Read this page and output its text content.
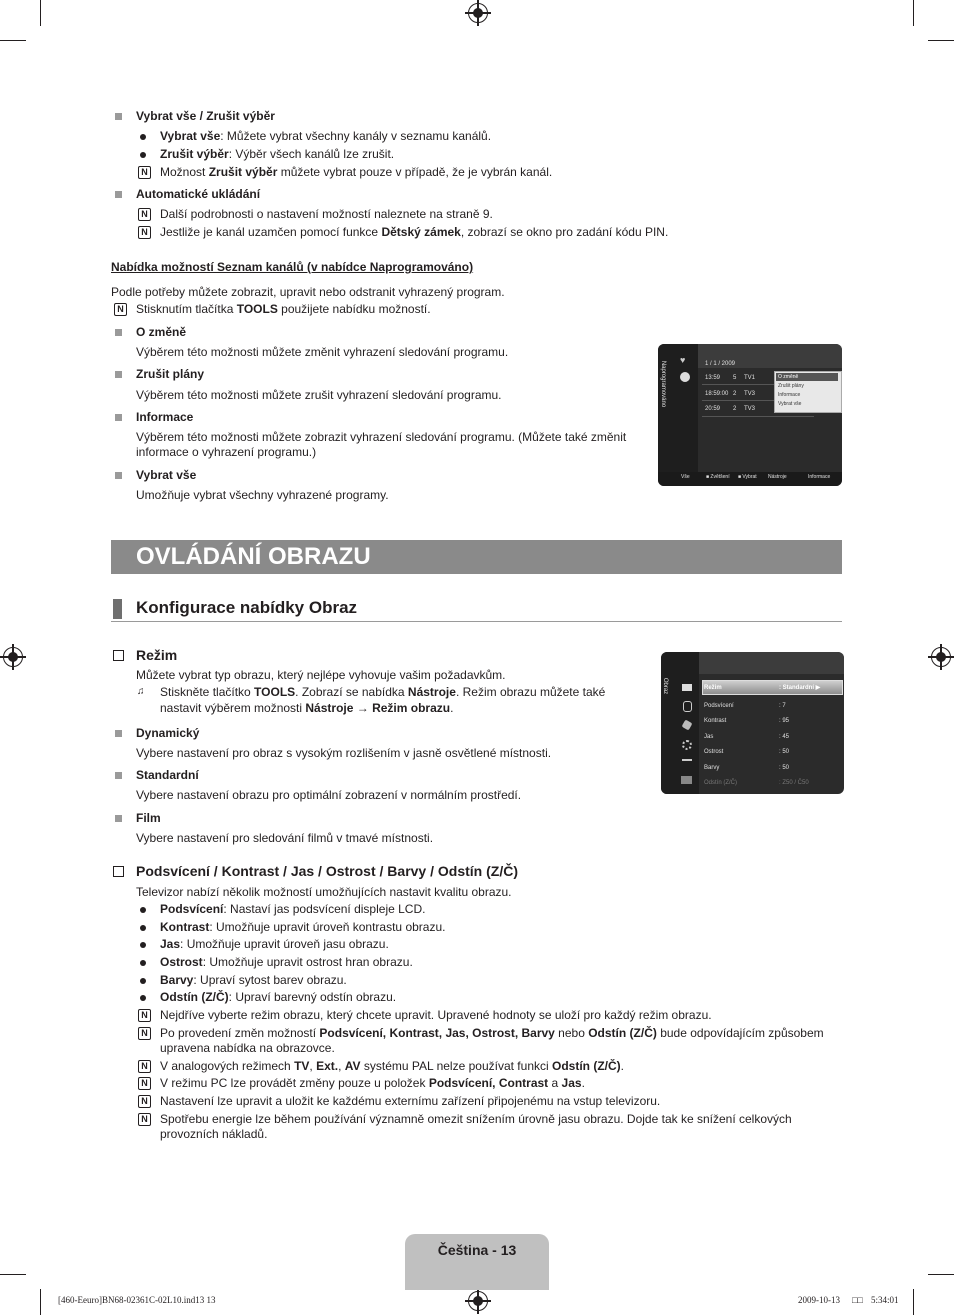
Vybrat vše / Zrušit výběr
Vybrat vše: Můžete vybrat všechny kanály v seznamu kanálů.
Zrušit výběr: Výběr všech kanálů lze zrušit.
N Možnost Zrušit výběr můžete vybrat pouze v případě, že je vybrán kanál.
Automatické ukládání
N Další podrobnosti o nastavení možností naleznete na straně 9.
N Jestliže je kanál uzamčen pomocí funkce Dětský zámek, zobrazí se okno pro zadání kódu PIN.
Nabídka možností Seznam kanálů (v nabídce Naprogramováno)
Podle potřeby můžete zobrazit, upravit nebo odstranit vyhrazený program.
N Stisknutím tlačítka TOOLS použijete nabídku možností.
O změně
Výběrem této možnosti můžete změnit vyhrazení sledování programu.
Zrušit plány
Výběrem této možnosti můžete zrušit vyhrazení sledování programu.
Informace
Výběrem této možnosti můžete zobrazit vyhrazení sledování programu. (Můžete také změnit
informace o vyhrazení programu.)
Vybrat vše
Umožňuje vybrat všechny vyhrazené programy.
Naprogramováno
♥	1 / 1 / 2009
13:59 5 TV1
18:59:00 2 TV3
20:59 2 TV3
O změně
Zrušit plány
Informace
Vybrat vše
Vše	■ Zvětšení ■ Vybrat Nástroje	Informace
OVLÁDÁNÍ OBRAZU
Konfigurace nabídky Obraz
Režim
Můžete vybrat typ obrazu, který nejlépe vyhovuje vašim požadavkům.
♫	Stiskněte tlačítko TOOLS. Zobrazí se nabídka Nástroje. Režim obrazu můžete také
nastavit výběrem možnosti Nástroje → Režim obrazu.
Dynamický
Vybere nastavení pro obraz s vysokým rozlišením v jasně osvětlené místnosti.
Standardní
Vybere nastavení obrazu pro optimální zobrazení v normálním prostředí.
Film
Vybere nastavení pro sledování filmů v tmavé místnosti.
Obraz	Režim	: Standardní ▶
Podsvícení	: 7
Kontrast	: 95
Jas	: 45
Ostrost	: 50
Barvy	: 50
Odstín (Z/Č)	: Z50 / Č50
Podsvícení / Kontrast / Jas / Ostrost / Barvy / Odstín (Z/Č)
Televizor nabízí několik možností umožňujících nastavit kvalitu obrazu.
Podsvícení: Nastaví jas podsvícení displeje LCD.
Kontrast: Umožňuje upravit úroveň kontrastu obrazu.
Jas: Umožňuje upravit úroveň jasu obrazu.
Ostrost: Umožňuje upravit ostrost hran obrazu.
Barvy: Upraví sytost barev obrazu.
Odstín (Z/Č): Upraví barevný odstín obrazu.
N Nejdříve vyberte režim obrazu, který chcete upravit. Upravené hodnoty se uloží pro každý režim obrazu.
N Po provedení změn možností Podsvícení, Kontrast, Jas, Ostrost, Barvy nebo Odstín (Z/Č) bude odpovídajícím způsobem
upravena nabídka na obrazovce.
N V analogových režimech TV, Ext., AV systému PAL nelze používat funkci Odstín (Z/Č).
N V režimu PC lze provádět změny pouze u položek Podsvícení, Contrast a Jas.
N Nastavení lze upravit a uložit ke každému externímu zařízení připojenému na vstup televizoru.
N Spotřebu energie lze během používání významně omezit snížením úrovně jasu obrazu. Dojde tak ke snížení celkových
provozních nákladů.
Čeština - 13
[460-Eeuro]BN68-02361C-02L10.ind13 13	2009-10-13 □□ 5:34:01
